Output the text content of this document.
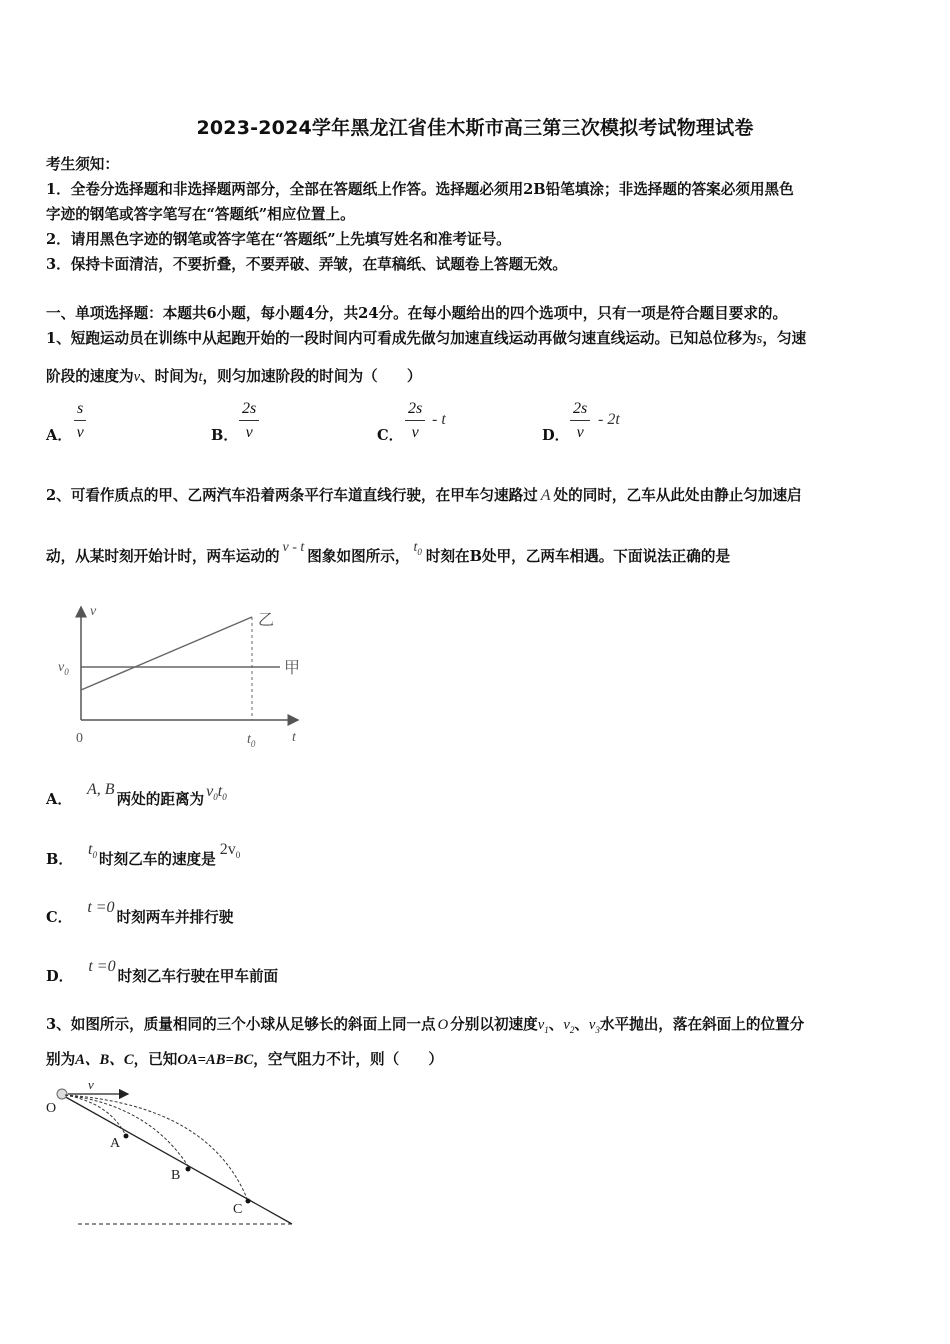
2023-2024学年黑龙江省佳木斯市高三第三次模拟考试物理试卷
考生须知：
1．全卷分选择题和非选择题两部分，全部在答题纸上作答。选择题必须用2B铅笔填涂；非选择题的答案必须用黑色
字迹的钢笔或答字笔写在“答题纸”相应位置上。
2．请用黑色字迹的钢笔或答字笔在“答题纸”上先填写姓名和准考证号。
3．保持卡面清洁，不要折叠，不要弄破、弄皱，在草稿纸、试题卷上答题无效。
一、单项选择题：本题共6小题，每小题4分，共24分。在每小题给出的四个选项中，只有一项是符合题目要求的。
1、短跑运动员在训练中从起跑开始的一段时间内可看成先做匀加速直线运动再做匀速直线运动。已知总位移为s，匀速
阶段的速度为v、时间为t，则匀加速阶段的时间为（　　）
A． $\frac{s}{v}$	B． $\frac{2s}{v}$	C． $\frac{2s}{v}$ - t
D． $\frac{2s}{v} - 2t$
2、可看作质点的甲、乙两汽车沿着两条平行车道直线行驶，在甲车匀速路过 A 处的同时，乙车从此处由静止匀加速启
动，从某时刻开始计时，两车运动的v - t图象如图所示，$t_0$ 时刻在B处甲，乙两车相遇。下面说法正确的是
v
t
0
$v_0$
$t_0$
乙
甲
A． A, B两处的距离为 $v_0t_0$
B． $t_0$ 时刻乙车的速度是$2v_0$
C． t =0时刻两车并排行驶
D． t =0时刻乙车行驶在甲车前面
3、如图所示，质量相同的三个小球从足够长的斜面上同一点 O 分别以初速度$v_1$、$v_2$、$v_3$水平抛出，落在斜面上的位置分
别为A、B、C，已知OA=AB=BC，空气阻力不计，则（　　）
v
O
A
B
C
